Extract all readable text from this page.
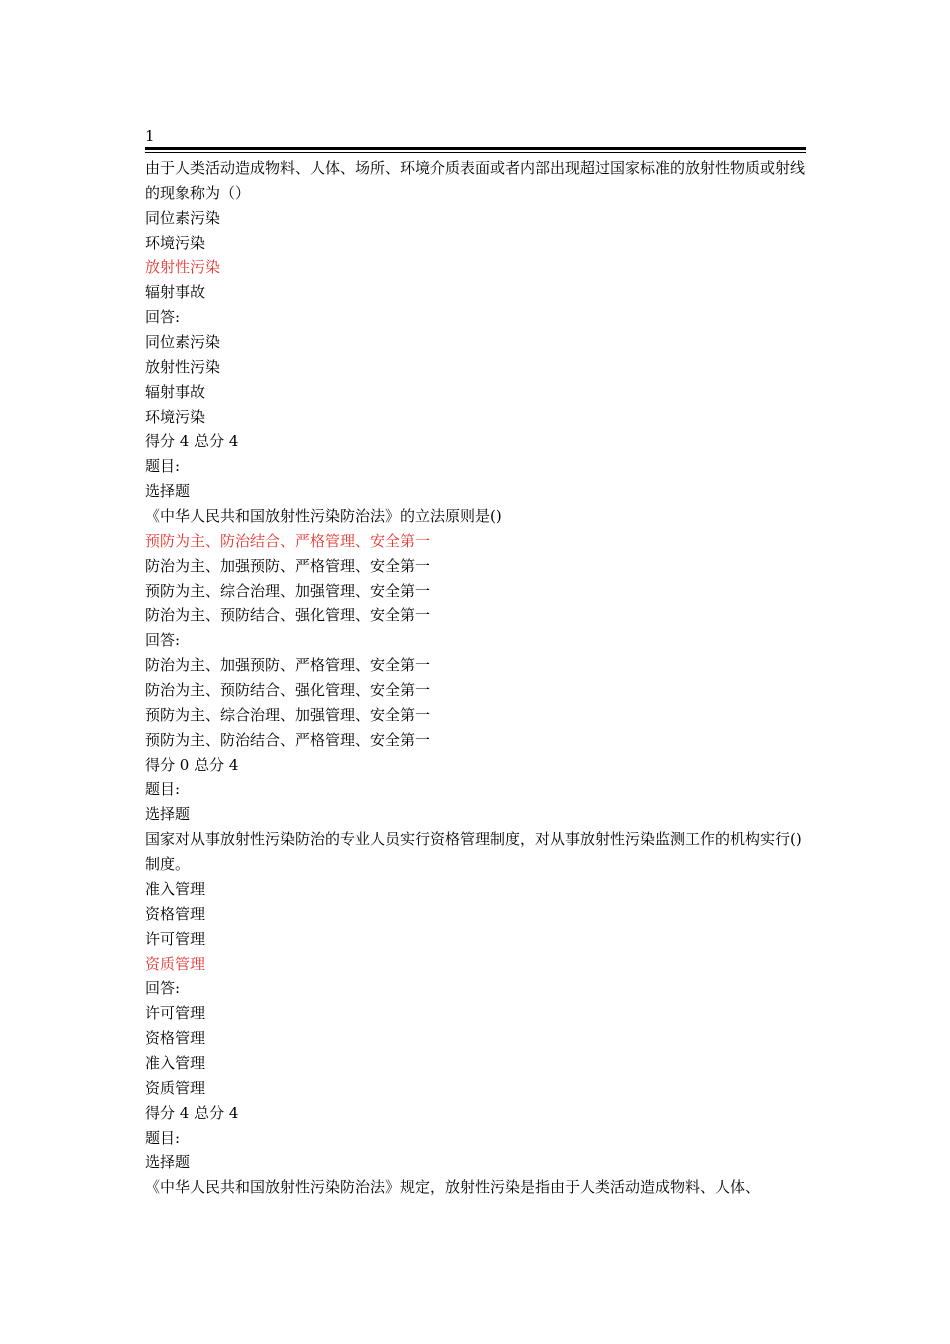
1
由于人类活动造成物料、人体、场所、环境介质表面或者内部出现超过国家标准的放射性物质或射线的现象称为（）
同位素污染
环境污染
放射性污染
辐射事故
回答:
同位素污染
放射性污染
辐射事故
环境污染
得分 4 总分 4
题目:
选择题
《中华人民共和国放射性污染防治法》的立法原则是()
预防为主、防治结合、严格管理、安全第一
防治为主、加强预防、严格管理、安全第一
预防为主、综合治理、加强管理、安全第一
防治为主、预防结合、强化管理、安全第一
回答:
防治为主、加强预防、严格管理、安全第一
防治为主、预防结合、强化管理、安全第一
预防为主、综合治理、加强管理、安全第一
预防为主、防治结合、严格管理、安全第一
得分 0 总分 4
题目:
选择题
国家对从事放射性污染防治的专业人员实行资格管理制度，对从事放射性污染监测工作的机构实行()制度。
准入管理
资格管理
许可管理
资质管理
回答:
许可管理
资格管理
准入管理
资质管理
得分 4 总分 4
题目:
选择题
《中华人民共和国放射性污染防治法》规定，放射性污染是指由于人类活动造成物料、人体、
